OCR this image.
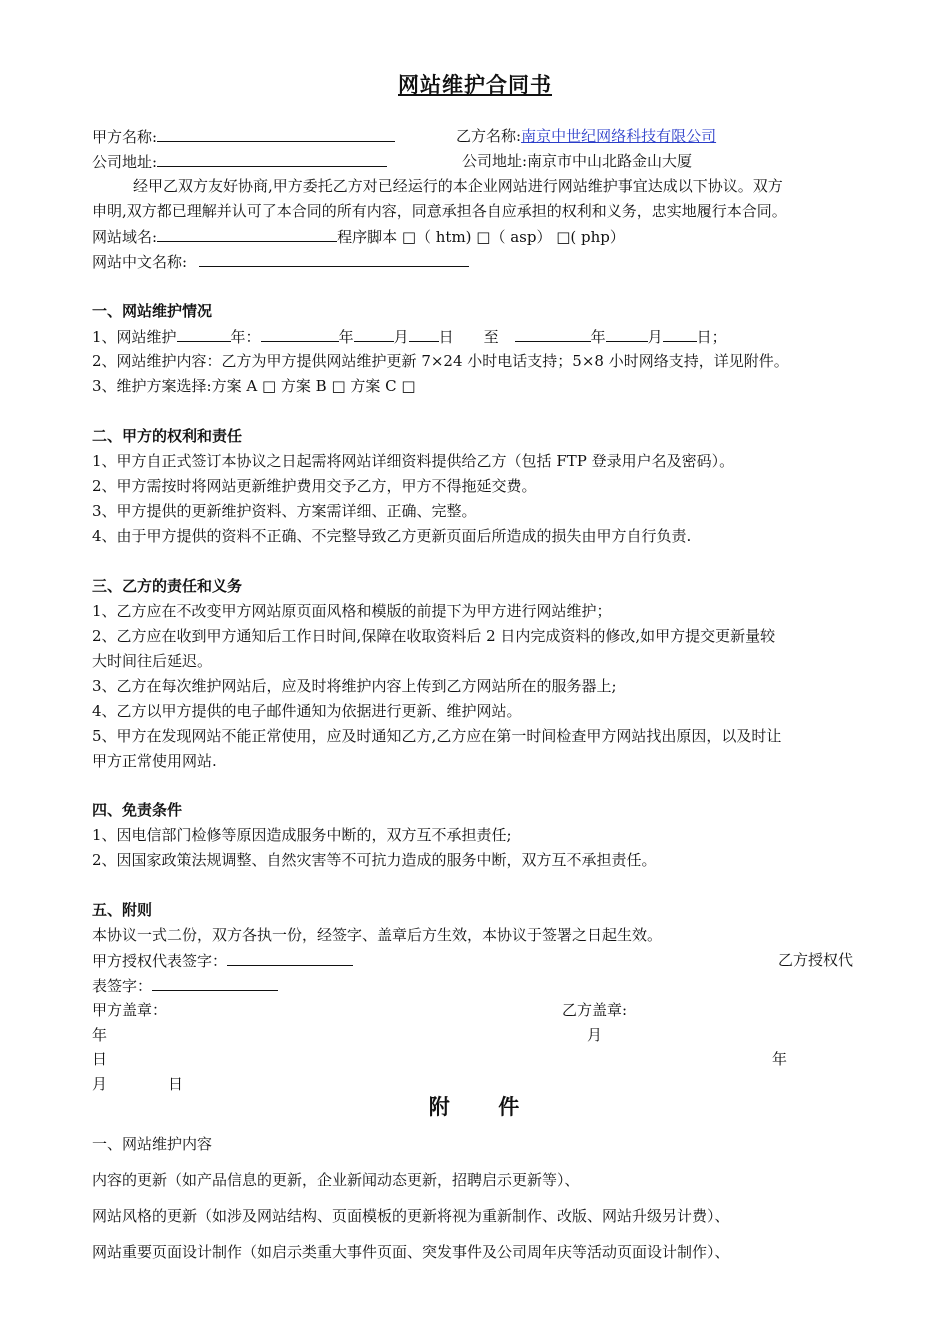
网站维护合同书
甲方名称:	乙方名称:南京中世纪网络科技有限公司
公司地址:	公司地址:南京市中山北路金山大厦
经甲乙双方友好协商,甲方委托乙方对已经运行的本企业网站进行网站维护事宜达成以下协议。双方
申明,双方都已理解并认可了本合同的所有内容，同意承担各自应承担的权利和义务，忠实地履行本合同。
网站域名:	程序脚本 □（ htm) □（ asp） □( php）
网站中文名称:
一、网站维护情况
1、网站维护	年：	年	月 日 至	年	月 日；
2、网站维护内容：乙方为甲方提供网站维护更新 7×24 小时电话支持；5×8 小时网络支持，详见附件。
3、维护方案选择:方案 A □ 方案 B □ 方案 C □
二、甲方的权利和责任
1、甲方自正式签订本协议之日起需将网站详细资料提供给乙方（包括 FTP 登录用户名及密码）。
2、甲方需按时将网站更新维护费用交予乙方，甲方不得拖延交费。
3、甲方提供的更新维护资料、方案需详细、正确、完整。
4、由于甲方提供的资料不正确、不完整导致乙方更新页面后所造成的损失由甲方自行负责.
三、乙方的责任和义务
1、乙方应在不改变甲方网站原页面风格和模版的前提下为甲方进行网站维护；
2、乙方应在收到甲方通知后工作日时间,保障在收取资料后 2 日内完成资料的修改,如甲方提交更新量较
大时间往后延迟。
3、乙方在每次维护网站后，应及时将维护内容上传到乙方网站所在的服务器上;
4、乙方以甲方提供的电子邮件通知为依据进行更新、维护网站。
5、甲方在发现网站不能正常使用，应及时通知乙方,乙方应在第一时间检查甲方网站找出原因，以及时让
甲方正常使用网站.
四、免责条件
1、因电信部门检修等原因造成服务中断的，双方互不承担责任;
2、因国家政策法规调整、自然灾害等不可抗力造成的服务中断，双方互不承担责任。
五、附则
本协议一式二份，双方各执一份，经签字、盖章后方生效，本协议于签署之日起生效。
甲方授权代表签字：	乙方授权代
表签字：
甲方盖章：	乙方盖章:
年	月
日	年
月	日
附     件
一、网站维护内容
内容的更新（如产品信息的更新，企业新闻动态更新，招聘启示更新等）、
网站风格的更新（如涉及网站结构、页面模板的更新将视为重新制作、改版、网站升级另计费）、
网站重要页面设计制作（如启示类重大事件页面、突发事件及公司周年庆等活动页面设计制作）、
